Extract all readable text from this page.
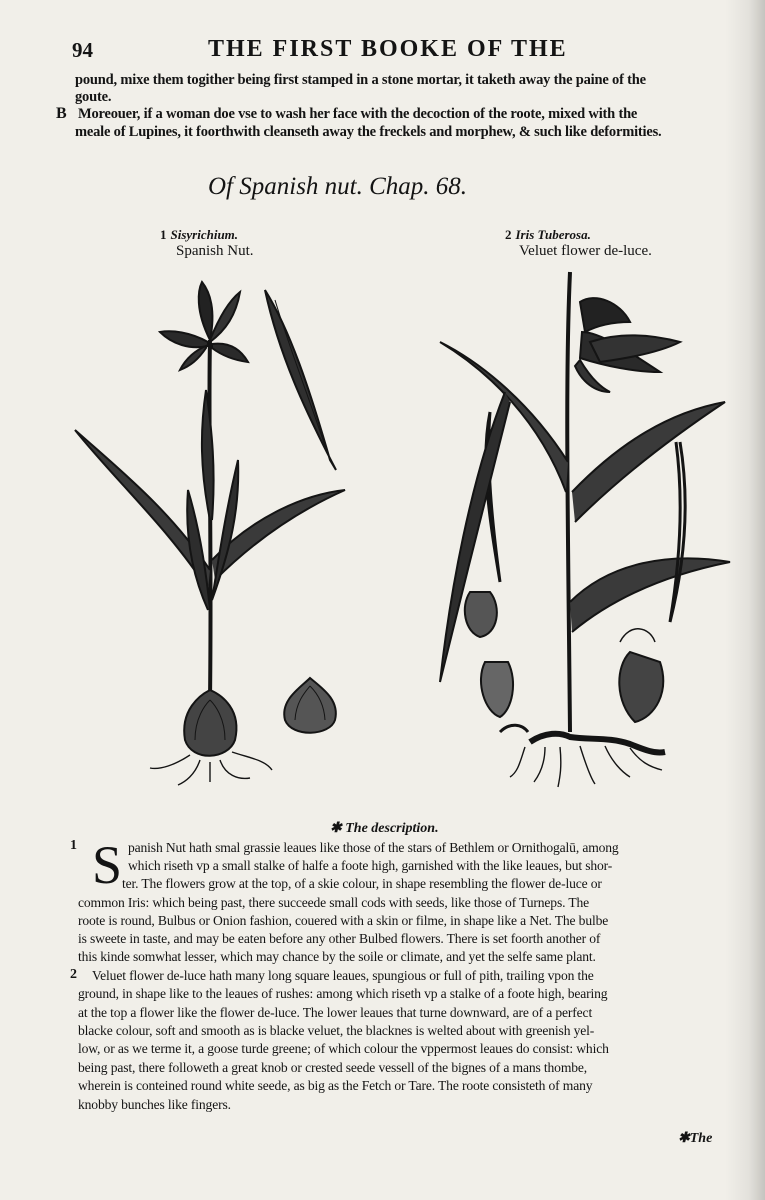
94	THE FIRST BOOKE OF THE
pound, mixe them togither being first stamped in a stone mortar, it taketh away the paine of the
goute.
B Moreouer, if a woman doe vse to wash her face with the decoction of the roote, mixed with the
meale of Lupines, it foorthwith cleanseth away the freckels and morphew, & such like deformities.
Of Spanish nut. Chap. 68.
1 Sisyrichium.
Spanish Nut.
2 Iris Tuberosa.
Veluet flower de-luce.
✱ The description.
1 S panish Nut hath smal grassie leaues like those of the stars of Bethlem or Ornithogalū, among
which riseth vp a small stalke of halfe a foote high, garnished with the like leaues, but shor-
ter. The flowers grow at the top, of a skie colour, in shape resembling the flower de-luce or
common Iris: which being past, there succeede small cods with seeds, like those of Turneps. The
roote is round, Bulbus or Onion fashion, couered with a skin or filme, in shape like a Net. The bulbe
is sweete in taste, and may be eaten before any other Bulbed flowers. There is set foorth another of
this kinde somwhat lesser, which may chance by the soile or climate, and yet the selfe same plant.
2 Veluet flower de-luce hath many long square leaues, spungious or full of pith, trailing vpon the
ground, in shape like to the leaues of rushes: among which riseth vp a stalke of a foote high, bearing
at the top a flower like the flower de-luce. The lower leaues that turne downward, are of a perfect
blacke colour, soft and smooth as is blacke veluet, the blacknes is welted about with greenish yel-
low, or as we terme it, a goose turde greene; of which colour the vppermost leaues do consist: which
being past, there followeth a great knob or crested seede vessell of the bignes of a mans thombe,
wherein is conteined round white seede, as big as the Fetch or Tare. The roote consisteth of many
knobby bunches like fingers.
✱The
